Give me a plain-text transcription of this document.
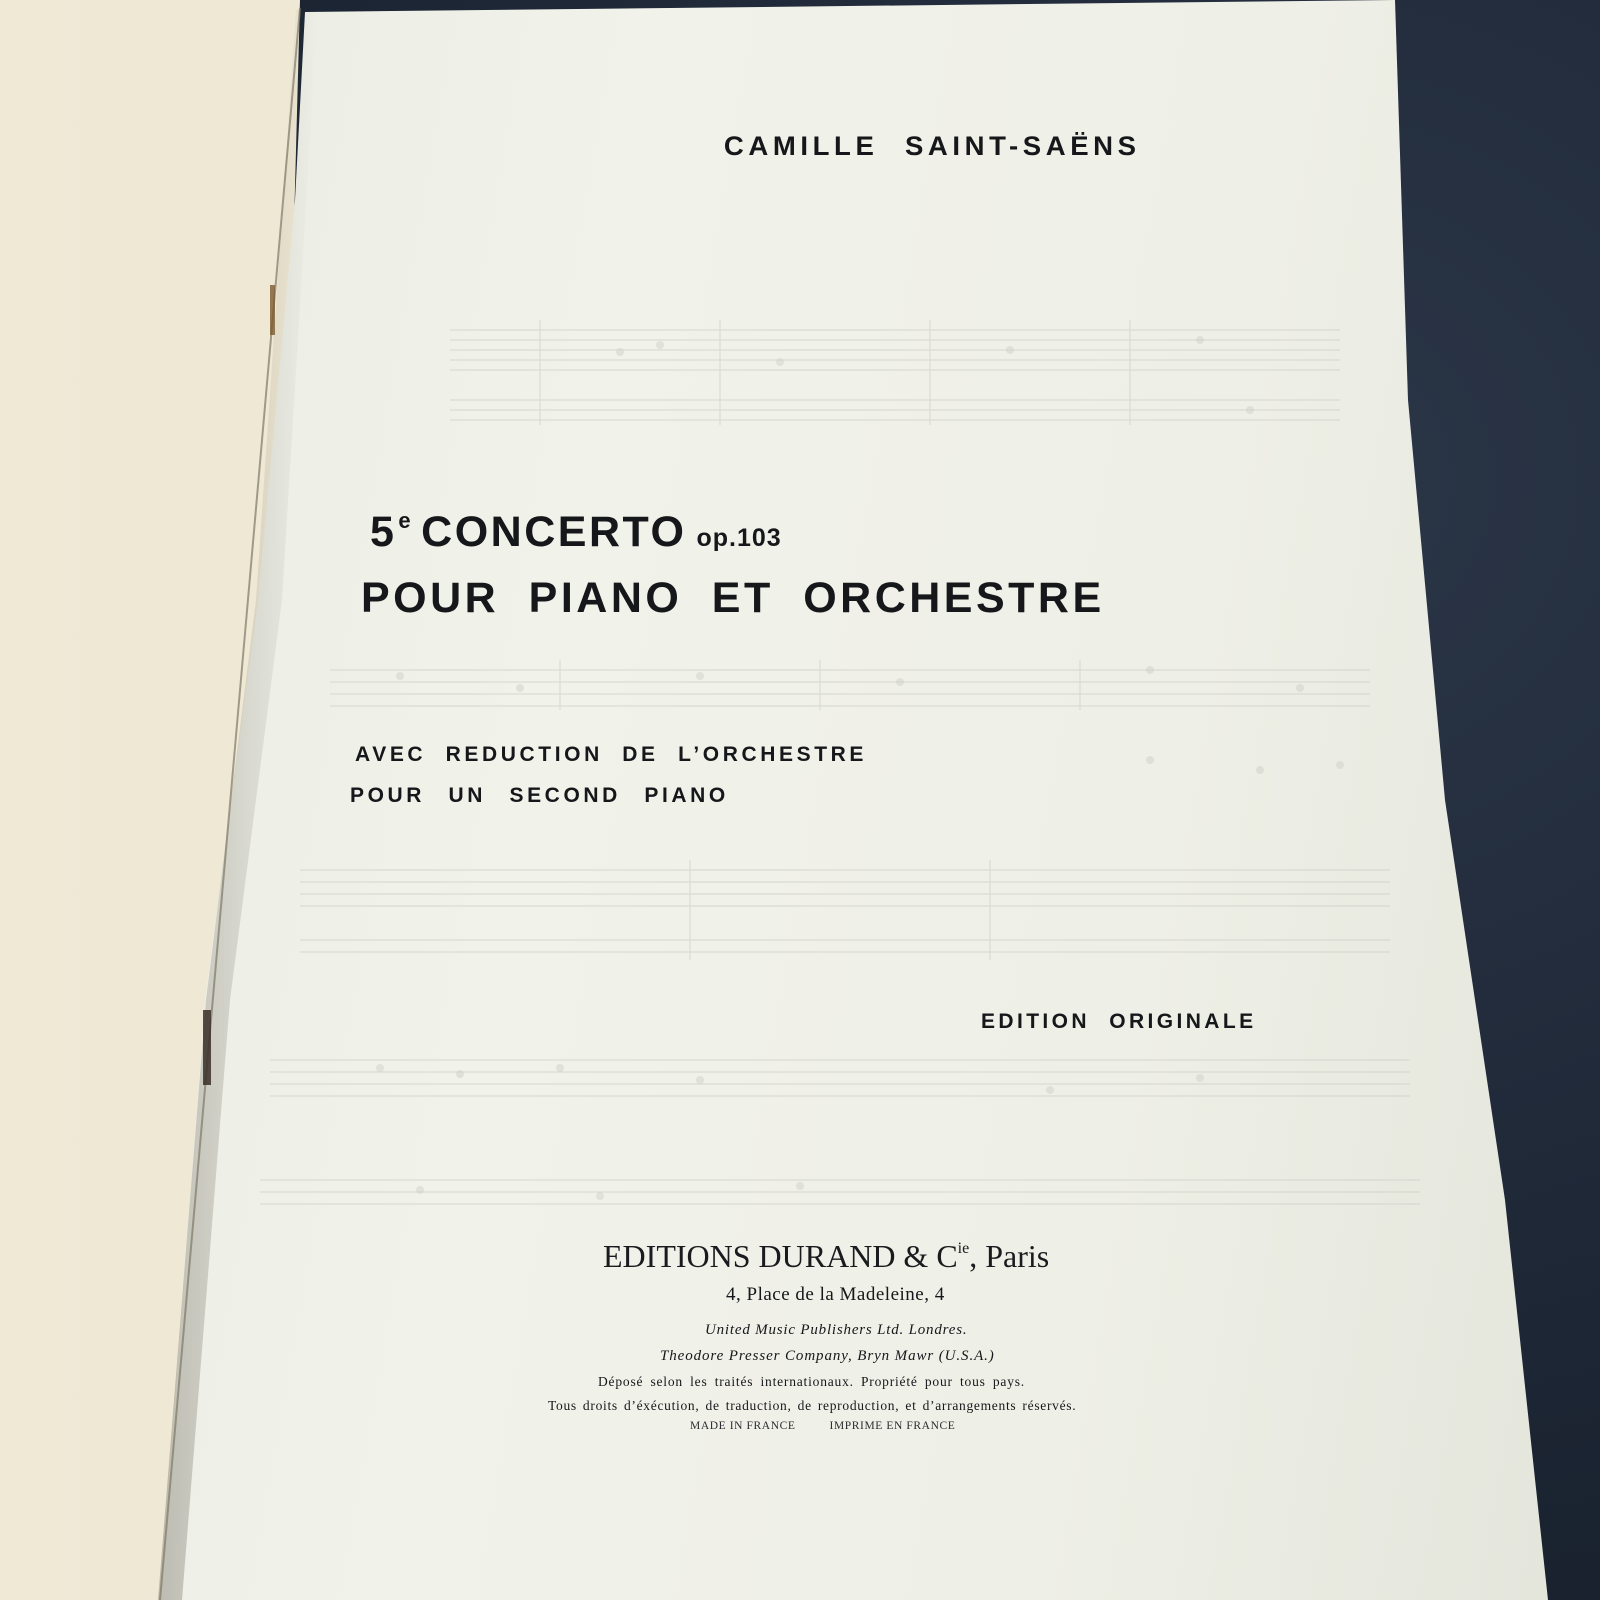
CAMILLE SAINT-SAËNS
5e CONCERTO op.103
POUR PIANO ET ORCHESTRE
AVEC REDUCTION DE L’ORCHESTRE
POUR UN SECOND PIANO
EDITION ORIGINALE
EDITIONS DURAND & $C^{ie}$, Paris
4, Place de la Madeleine, 4
United Music Publishers Ltd. Londres.
Theodore Presser Company, Bryn Mawr (U.S.A.)
Déposé selon les traités internationaux. Propriété pour tous pays.
Tous droits d’éxécution, de traduction, de reproduction, et d’arrangements réservés.
MADE IN FRANCE	IMPRIME EN FRANCE
